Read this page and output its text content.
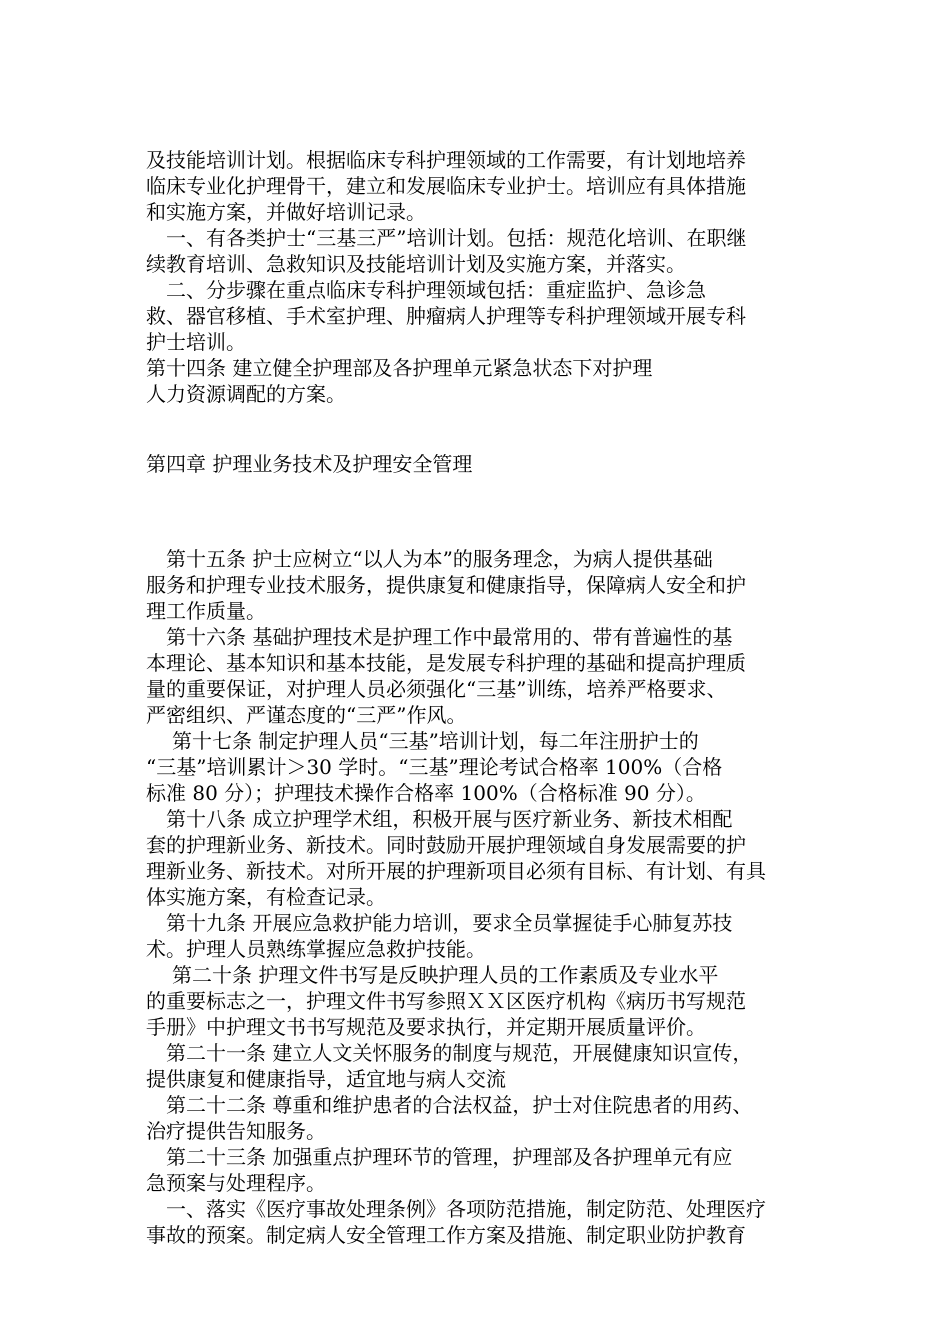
及技能培训计划。根据临床专科护理领域的工作需要，有计划地培养
临床专业化护理骨干，建立和发展临床专业护士。培训应有具体措施
和实施方案，并做好培训记录。
一、有各类护士“三基三严”培训计划。包括：规范化培训、在职继
续教育培训、急救知识及技能培训计划及实施方案，并落实。
二、分步骤在重点临床专科护理领域包括：重症监护、急诊急
救、器官移植、手术室护理、肿瘤病人护理等专科护理领域开展专科
护士培训。
第十四条 建立健全护理部及各护理单元紧急状态下对护理
人力资源调配的方案。
第四章 护理业务技术及护理安全管理
第十五条 护士应树立“以人为本”的服务理念，为病人提供基础
服务和护理专业技术服务，提供康复和健康指导，保障病人安全和护
理工作质量。
第十六条 基础护理技术是护理工作中最常用的、带有普遍性的基
本理论、基本知识和基本技能，是发展专科护理的基础和提高护理质
量的重要保证，对护理人员必须强化“三基”训练，培养严格要求、
严密组织、严谨态度的“三严”作风。
第十七条 制定护理人员“三基”培训计划，每二年注册护士的
“三基”培训累计＞30 学时。“三基”理论考试合格率 100%（合格
标准 80 分）；护理技术操作合格率 100%（合格标准 90 分）。
第十八条 成立护理学术组，积极开展与医疗新业务、新技术相配
套的护理新业务、新技术。同时鼓励开展护理领域自身发展需要的护
理新业务、新技术。对所开展的护理新项目必须有目标、有计划、有具
体实施方案，有检查记录。
第十九条 开展应急救护能力培训，要求全员掌握徒手心肺复苏技
术。护理人员熟练掌握应急救护技能。
第二十条 护理文件书写是反映护理人员的工作素质及专业水平
的重要标志之一，护理文件书写参照ＸＸ区医疗机构《病历书写规范
手册》中护理文书书写规范及要求执行，并定期开展质量评价。
第二十一条 建立人文关怀服务的制度与规范，开展健康知识宣传，
提供康复和健康指导，适宜地与病人交流
第二十二条 尊重和维护患者的合法权益，护士对住院患者的用药、
治疗提供告知服务。
第二十三条 加强重点护理环节的管理，护理部及各护理单元有应
急预案与处理程序。
一、落实《医疗事故处理条例》各项防范措施，制定防范、处理医疗
事故的预案。制定病人安全管理工作方案及措施、制定职业防护教育
